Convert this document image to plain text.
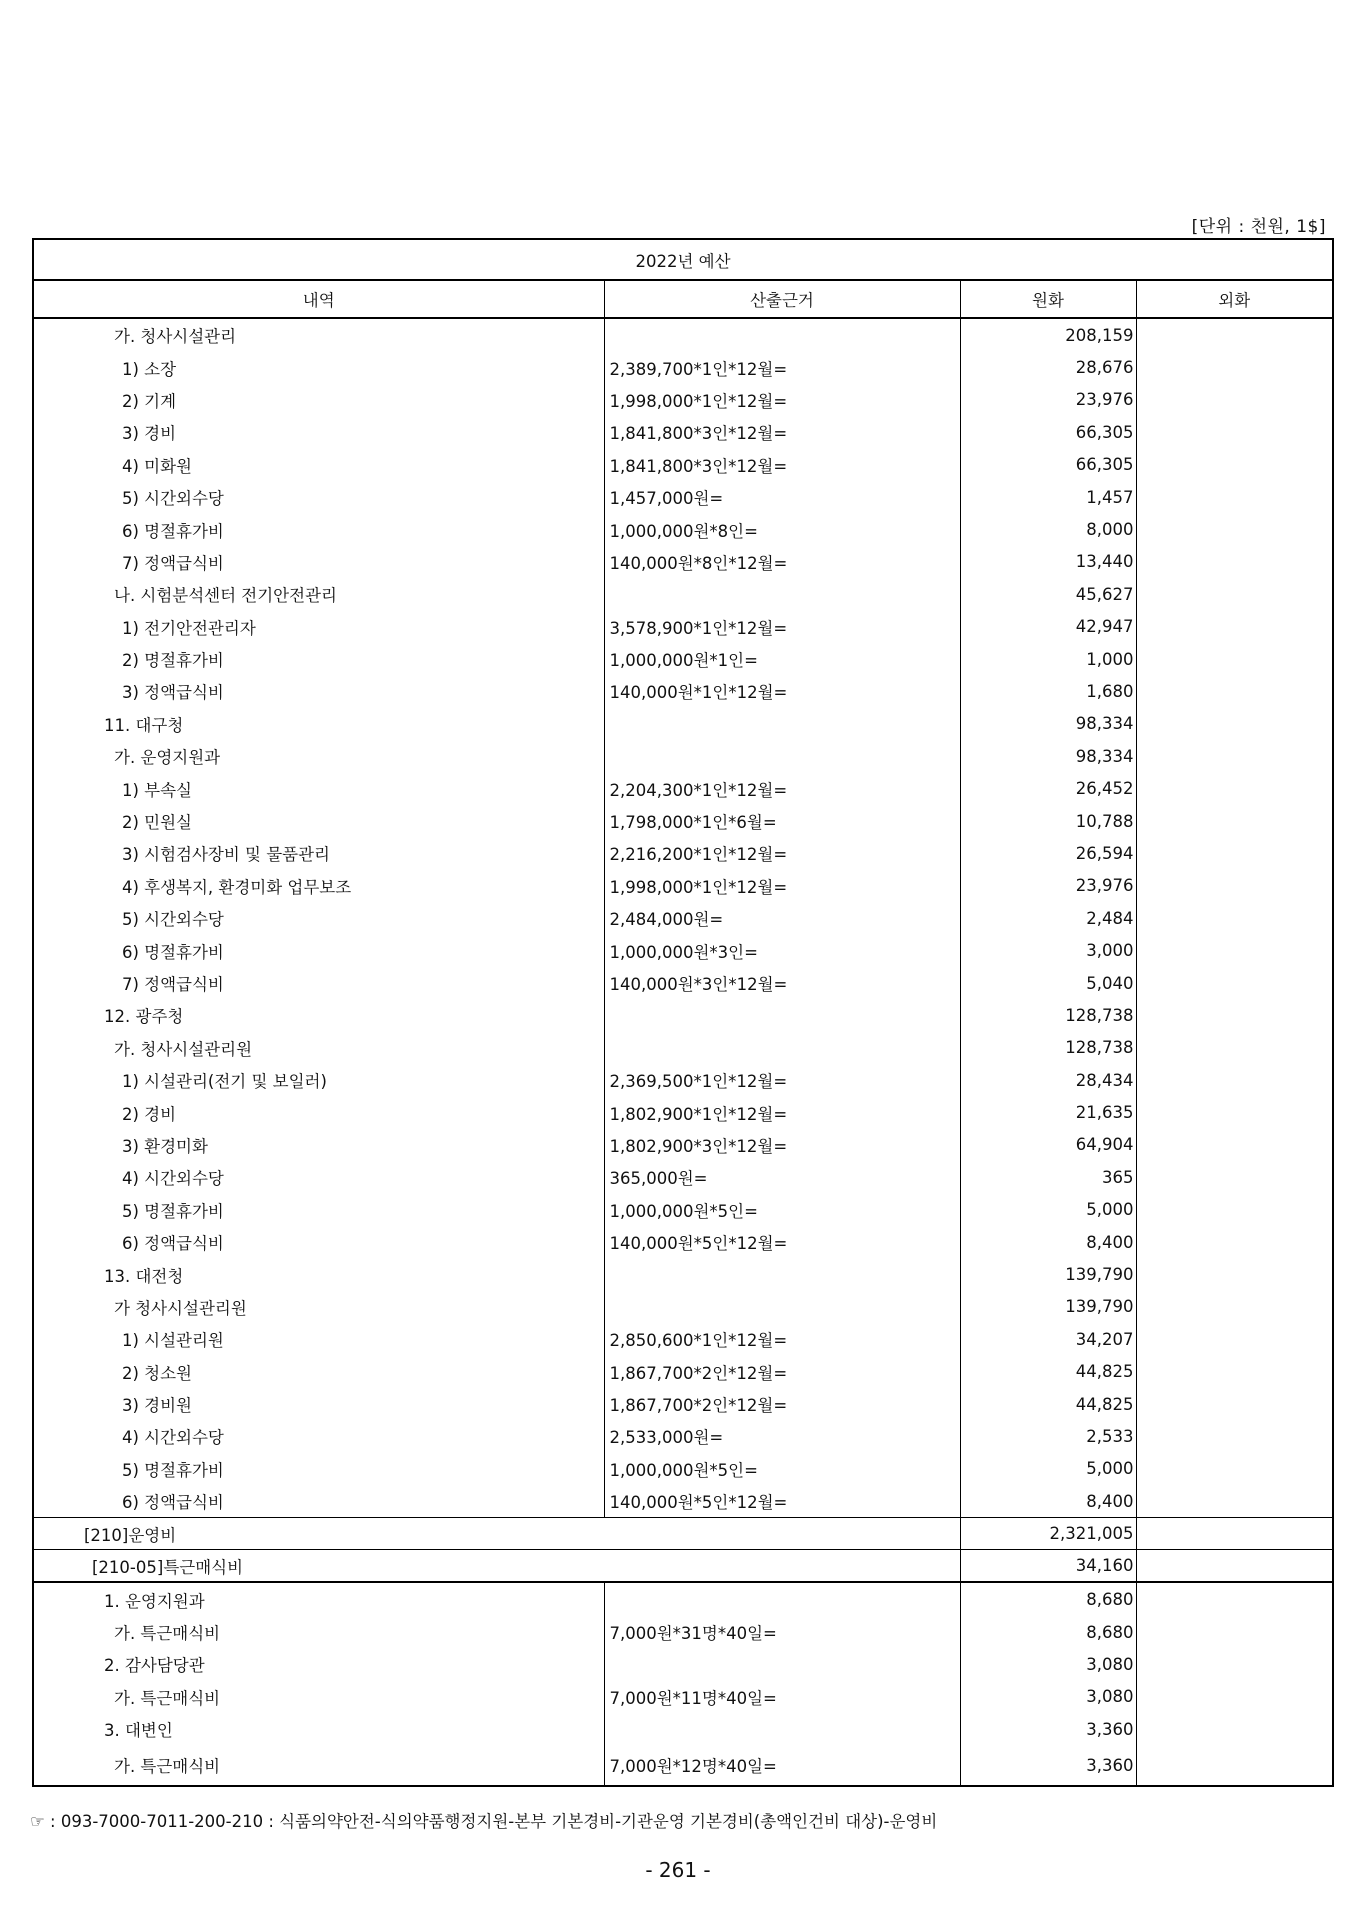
[단위 : 천원, 1$]
2022년 예산			
내역	산출근거	원화	외화
가. 청사시설관리		208,159	
1) 소장	2,389,700*1인*12월=	28,676	
2) 기계	1,998,000*1인*12월=	23,976	
3) 경비	1,841,800*3인*12월=	66,305	
4) 미화원	1,841,800*3인*12월=	66,305	
5) 시간외수당	1,457,000원=	1,457	
6) 명절휴가비	1,000,000원*8인=	8,000	
7) 정액급식비	140,000원*8인*12월=	13,440	
나. 시험분석센터 전기안전관리		45,627	
1) 전기안전관리자	3,578,900*1인*12월=	42,947	
2) 명절휴가비	1,000,000원*1인=	1,000	
3) 정액급식비	140,000원*1인*12월=	1,680	
11. 대구청		98,334	
가. 운영지원과		98,334	
1) 부속실	2,204,300*1인*12월=	26,452	
2) 민원실	1,798,000*1인*6월=	10,788	
3) 시험검사장비 및 물품관리	2,216,200*1인*12월=	26,594	
4) 후생복지, 환경미화 업무보조	1,998,000*1인*12월=	23,976	
5) 시간외수당	2,484,000원=	2,484	
6) 명절휴가비	1,000,000원*3인=	3,000	
7) 정액급식비	140,000원*3인*12월=	5,040	
12. 광주청		128,738	
가. 청사시설관리원		128,738	
1) 시설관리(전기 및 보일러)	2,369,500*1인*12월=	28,434	
2) 경비	1,802,900*1인*12월=	21,635	
3) 환경미화	1,802,900*3인*12월=	64,904	
4) 시간외수당	365,000원=	365	
5) 명절휴가비	1,000,000원*5인=	5,000	
6) 정액급식비	140,000원*5인*12월=	8,400	
13. 대전청		139,790	
가 청사시설관리원		139,790	
1) 시설관리원	2,850,600*1인*12월=	34,207	
2) 청소원	1,867,700*2인*12월=	44,825	
3) 경비원	1,867,700*2인*12월=	44,825	
4) 시간외수당	2,533,000원=	2,533	
5) 명절휴가비	1,000,000원*5인=	5,000	
6) 정액급식비	140,000원*5인*12월=	8,400	
[210]운영비		2,321,005	
[210-05]특근매식비		34,160	
1. 운영지원과		8,680	
가. 특근매식비	7,000원*31명*40일=	8,680	
2. 감사담당관		3,080	
가. 특근매식비	7,000원*11명*40일=	3,080	
3. 대변인		3,360	
가. 특근매식비	7,000원*12명*40일=	3,360	
☞ : 093-7000-7011-200-210 : 식품의약안전-식의약품행정지원-본부 기본경비-기관운영 기본경비(총액인건비 대상)-운영비
- 261 -
